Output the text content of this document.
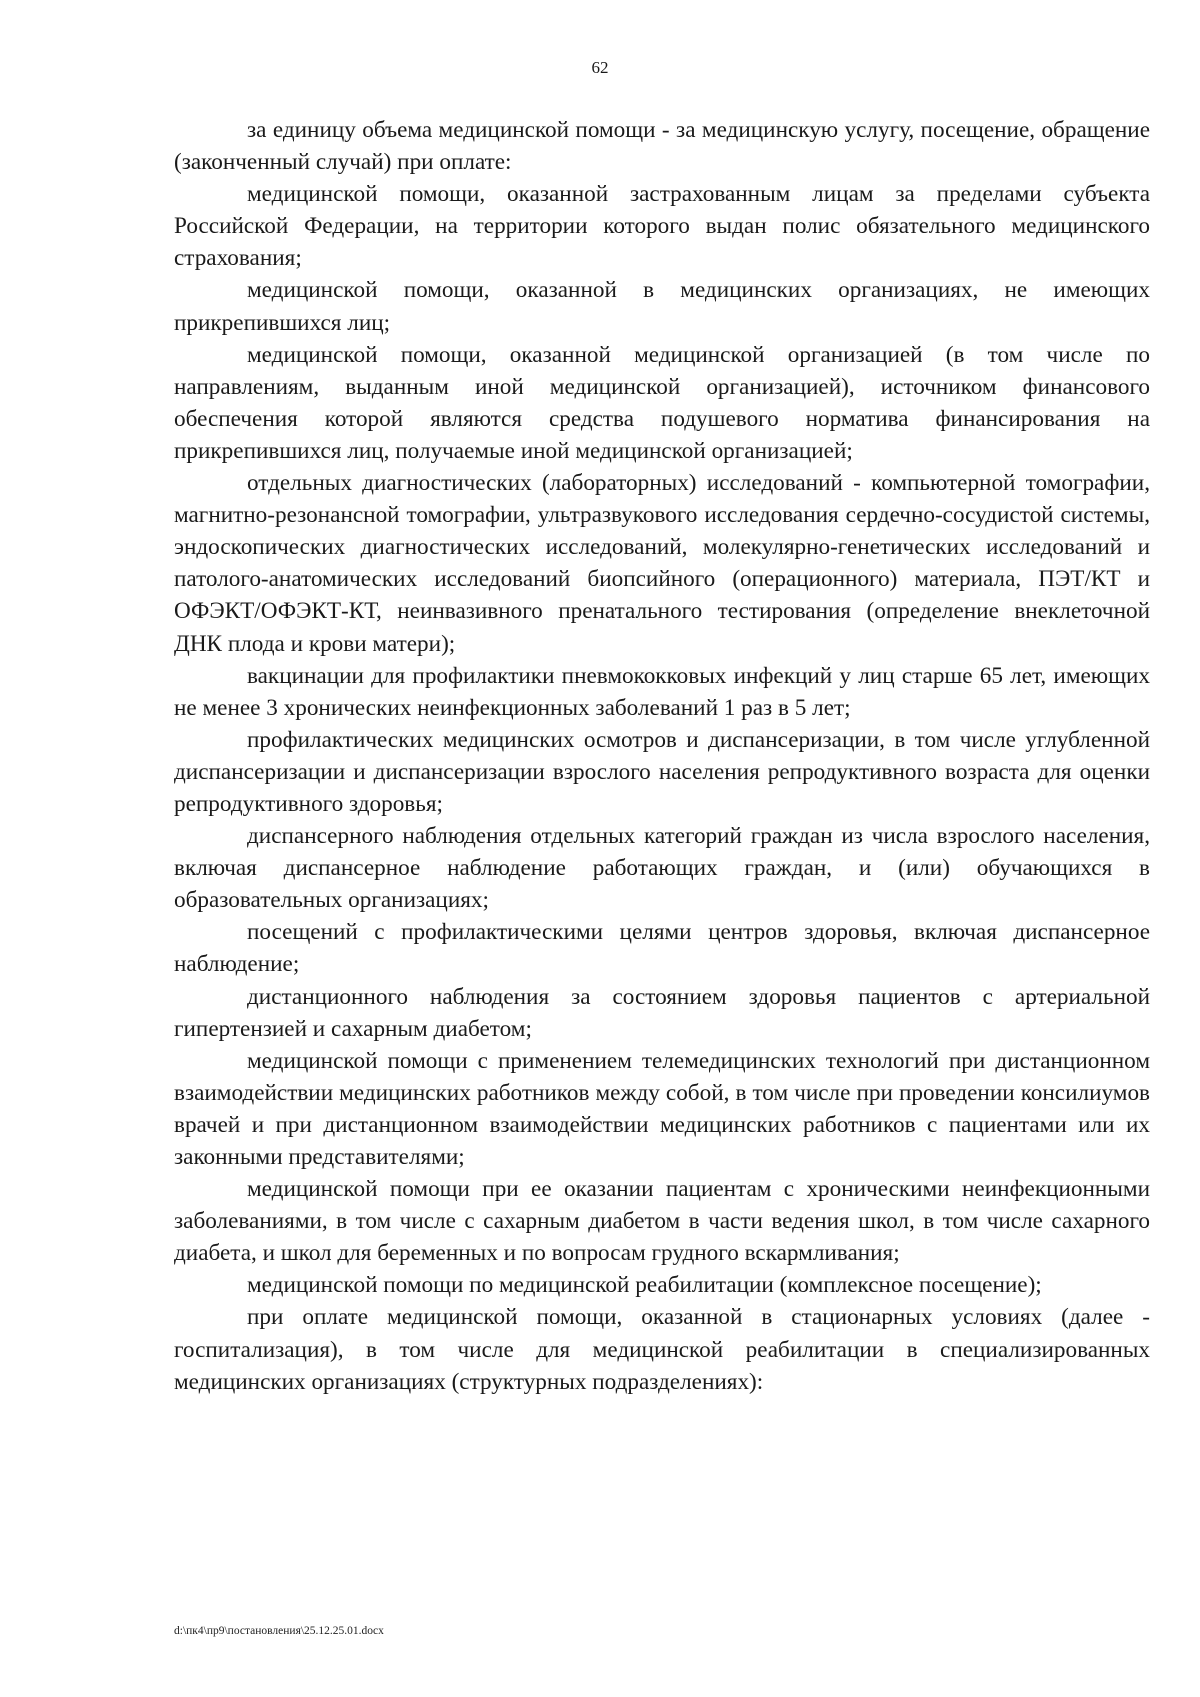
62

за единицу объема медицинской помощи - за медицинскую услугу, посещение, обращение (законченный случай) при оплате:

медицинской помощи, оказанной застрахованным лицам за пределами субъекта Российской Федерации, на территории которого выдан полис обязательного медицинского страхования;

медицинской помощи, оказанной в медицинских организациях, не имеющих прикрепившихся лиц;

медицинской помощи, оказанной медицинской организацией (в том числе по направлениям, выданным иной медицинской организацией), источником финансового обеспечения которой являются средства подушевого норматива финансирования на прикрепившихся лиц, получаемые иной медицинской организацией;

отдельных диагностических (лабораторных) исследований - компьютерной томографии, магнитно-резонансной томографии, ультразвукового исследования сердечно-сосудистой системы, эндоскопических диагностических исследований, молекулярно-генетических исследований и патолого-анатомических исследований биопсийного (операционного) материала, ПЭТ/КТ и ОФЭКТ/ОФЭКТ-КТ, неинвазивного пренатального тестирования (определение внеклеточной ДНК плода и крови матери);

вакцинации для профилактики пневмококковых инфекций у лиц старше 65 лет, имеющих не менее 3 хронических неинфекционных заболеваний 1 раз в 5 лет;

профилактических медицинских осмотров и диспансеризации, в том числе углубленной диспансеризации и диспансеризации взрослого населения репродуктивного возраста для оценки репродуктивного здоровья;

диспансерного наблюдения отдельных категорий граждан из числа взрослого населения, включая диспансерное наблюдение работающих граждан, и (или) обучающихся в образовательных организациях;

посещений с профилактическими целями центров здоровья, включая диспансерное наблюдение;

дистанционного наблюдения за состоянием здоровья пациентов с артериальной гипертензией и сахарным диабетом;

медицинской помощи с применением телемедицинских технологий при дистанционном взаимодействии медицинских работников между собой, в том числе при проведении консилиумов врачей и при дистанционном взаимодействии медицинских работников с пациентами или их законными представителями;

медицинской помощи при ее оказании пациентам с хроническими неинфекционными заболеваниями, в том числе с сахарным диабетом в части ведения школ, в том числе сахарного диабета, и школ для беременных и по вопросам грудного вскармливания;

медицинской помощи по медицинской реабилитации (комплексное посещение);

при оплате медицинской помощи, оказанной в стационарных условиях (далее - госпитализация), в том числе для медицинской реабилитации в специализированных медицинских организациях (структурных подразделениях):

d:\пк4\пр9\постановления\25.12.25.01.docx
